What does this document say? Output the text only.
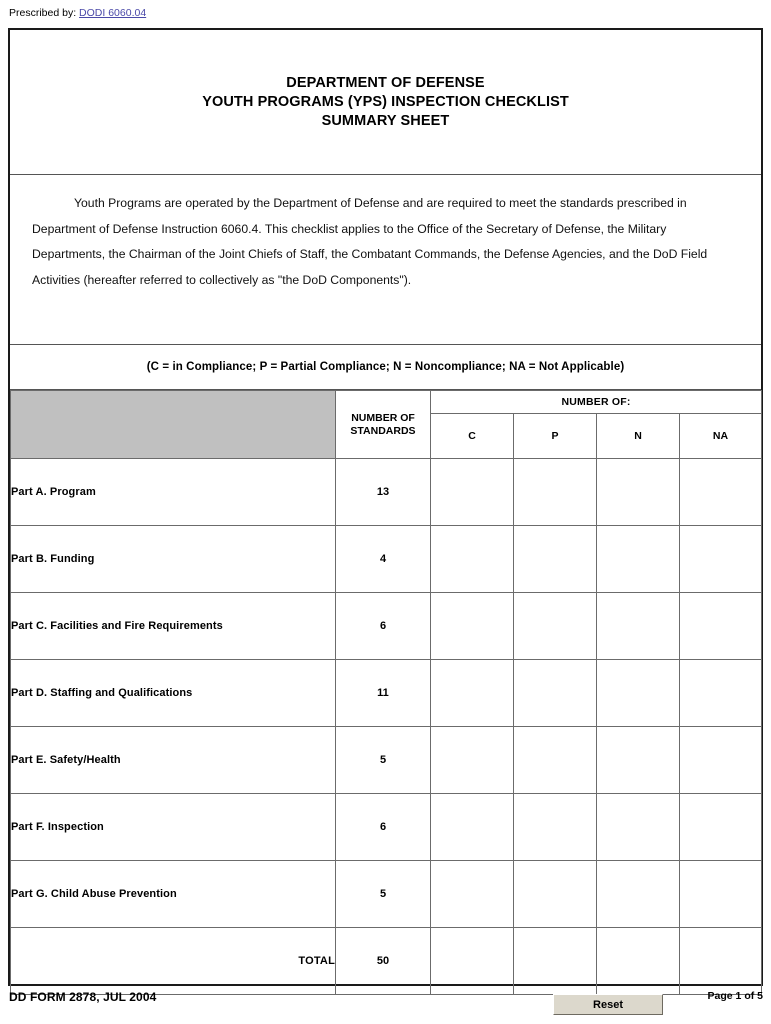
Prescribed by: DODI 6060.04
DEPARTMENT OF DEFENSE
YOUTH PROGRAMS (YPS) INSPECTION CHECKLIST
SUMMARY SHEET
Youth Programs are operated by the Department of Defense and are required to meet the standards prescribed in Department of Defense Instruction 6060.4. This checklist applies to the Office of the Secretary of Defense, the Military Departments, the Chairman of the Joint Chiefs of Staff, the Combatant Commands, the Defense Agencies, and the DoD Field Activities (hereafter referred to collectively as "the DoD Components").
(C = in Compliance; P = Partial Compliance; N = Noncompliance; NA = Not Applicable)

	NUMBER OF
STANDARDS	NUMBER OF:			
		C	P	N	NA
Part A. Program	13				
Part B. Funding	4				
Part C. Facilities and Fire Requirements	6				
Part D. Staffing and Qualifications	11				
Part E. Safety/Health	5				
Part F. Inspection	6				
Part G. Child Abuse Prevention	5				
TOTAL	50				
DD FORM 2878, JUL 2004
Reset
Page 1 of 5
